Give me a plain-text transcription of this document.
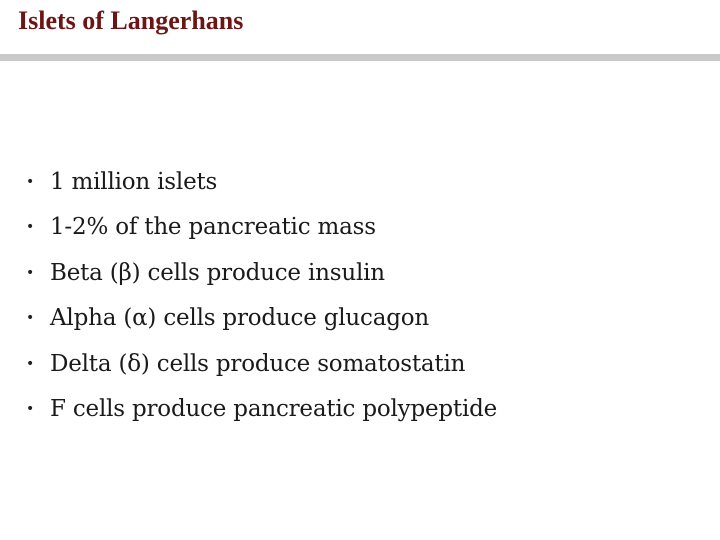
Islets of Langerhans
• 1 million islets
• 1-2% of the pancreatic mass
• Beta (β) cells produce insulin
• Alpha (α) cells produce glucagon
• Delta (δ) cells produce somatostatin
• F cells produce pancreatic polypeptide
